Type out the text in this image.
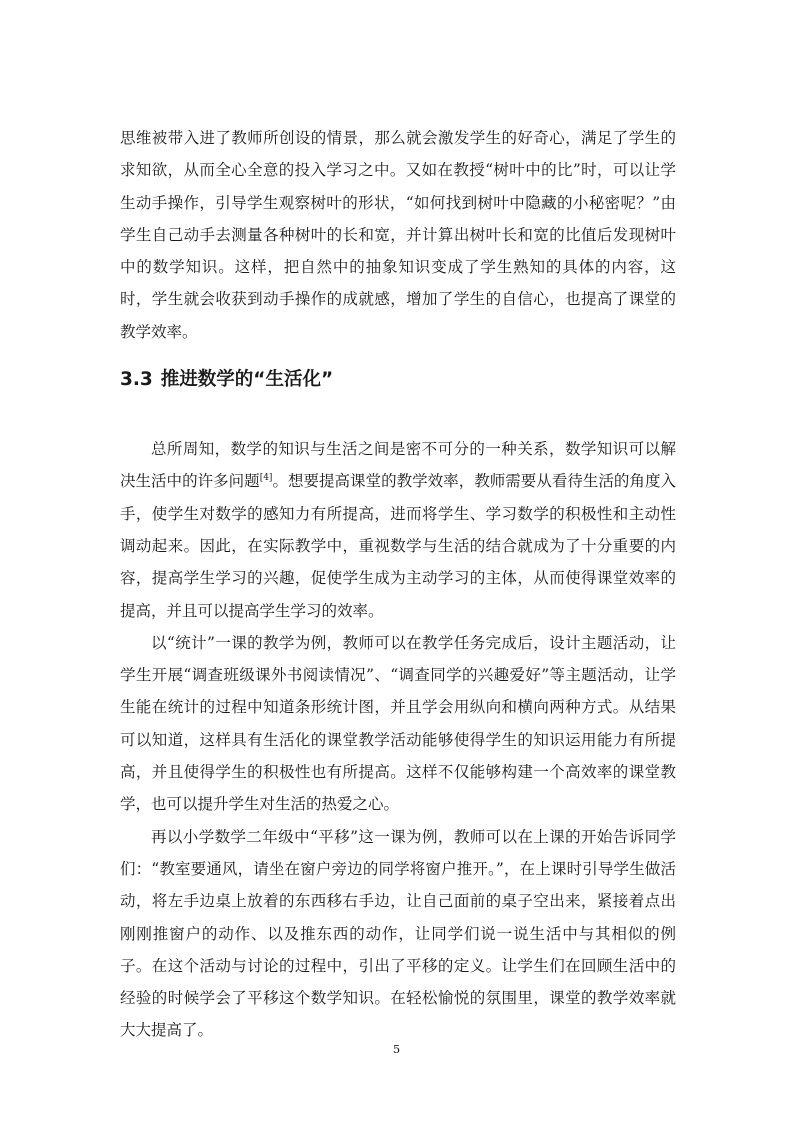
思维被带入进了教师所创设的情景，那么就会激发学生的好奇心，满足了学生的求知欲，从而全心全意的投入学习之中。又如在教授“树叶中的比”时，可以让学生动手操作，引导学生观察树叶的形状，“如何找到树叶中隐藏的小秘密呢？”由学生自己动手去测量各种树叶的长和宽，并计算出树叶长和宽的比值后发现树叶中的数学知识。这样，把自然中的抽象知识变成了学生熟知的具体的内容，这时，学生就会收获到动手操作的成就感，增加了学生的自信心，也提高了课堂的教学效率。

3.3 推进数学的“生活化”

总所周知，数学的知识与生活之间是密不可分的一种关系，数学知识可以解决生活中的许多问题[4]。想要提高课堂的教学效率，教师需要从看待生活的角度入手，使学生对数学的感知力有所提高，进而将学生、学习数学的积极性和主动性调动起来。因此，在实际教学中，重视数学与生活的结合就成为了十分重要的内容，提高学生学习的兴趣，促使学生成为主动学习的主体，从而使得课堂效率的提高，并且可以提高学生学习的效率。

以“统计”一课的教学为例，教师可以在教学任务完成后，设计主题活动，让学生开展“调查班级课外书阅读情况”、“调查同学的兴趣爱好”等主题活动，让学生能在统计的过程中知道条形统计图，并且学会用纵向和横向两种方式。从结果可以知道，这样具有生活化的课堂教学活动能够使得学生的知识运用能力有所提高，并且使得学生的积极性也有所提高。这样不仅能够构建一个高效率的课堂教学，也可以提升学生对生活的热爱之心。

再以小学数学二年级中“平移”这一课为例，教师可以在上课的开始告诉同学们：“教室要通风，请坐在窗户旁边的同学将窗户推开。”，在上课时引导学生做活动，将左手边桌上放着的东西移右手边，让自己面前的桌子空出来，紧接着点出刚刚推窗户的动作、以及推东西的动作，让同学们说一说生活中与其相似的例子。在这个活动与讨论的过程中，引出了平移的定义。让学生们在回顾生活中的经验的时候学会了平移这个数学知识。在轻松愉悦的氛围里，课堂的教学效率就大大提高了。

5
